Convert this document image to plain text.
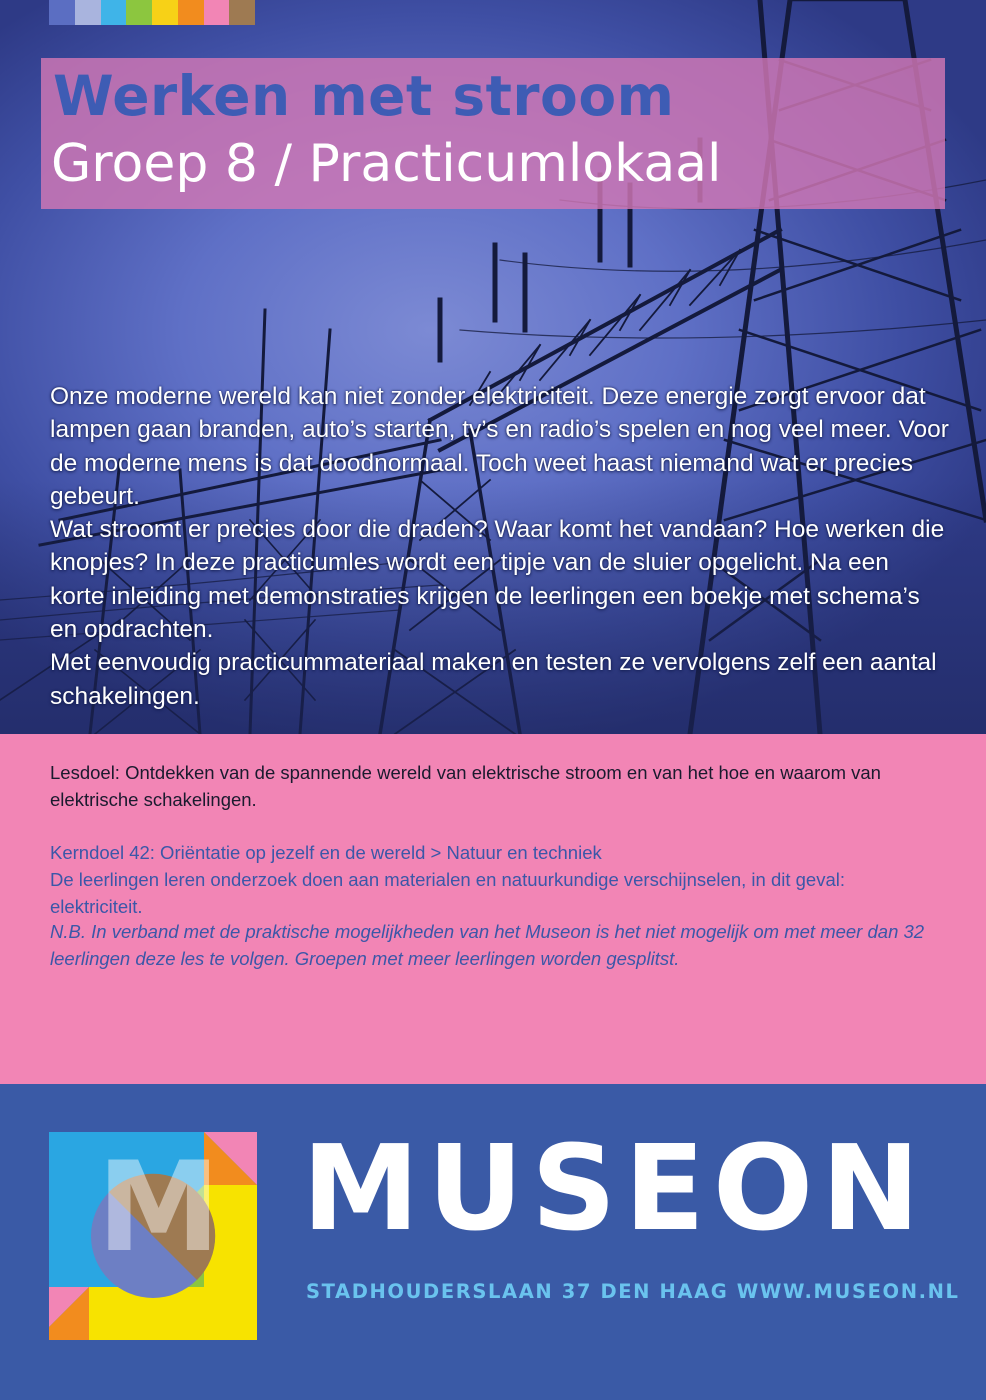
Werken met stroom
Groep 8 / Practicumlokaal

Onze moderne wereld kan niet zonder elektriciteit. Deze energie zorgt ervoor dat lampen gaan branden, auto’s starten, tv’s en radio’s spelen en nog veel meer. Voor de moderne mens is dat doodnormaal. Toch weet haast niemand wat er precies gebeurt.

Wat stroomt er precies door die draden? Waar komt het vandaan? Hoe werken die knopjes? In deze practicumles wordt een tipje van de sluier opgelicht. Na een korte inleiding met demonstraties krijgen de leerlingen een boekje met schema’s en opdrachten.

Met eenvoudig practicummateriaal maken en testen ze vervolgens zelf een aantal schakelingen.

Lesdoel: Ontdekken van de spannende wereld van elektrische stroom en van het hoe en waarom van elektrische schakelingen.

Kerndoel 42: Oriëntatie op jezelf en de wereld > Natuur en techniek

De leerlingen leren onderzoek doen aan materialen en natuurkundige verschijnselen, in dit geval: elektriciteit.

N.B. In verband met de praktische mogelijkheden van het Museon is het niet mogelijk om met meer dan 32 leerlingen deze les te volgen. Groepen met meer leerlingen worden gesplitst.

M MUSEON

STADHOUDERSLAAN 37 DEN HAAG WWW.MUSEON.NL
